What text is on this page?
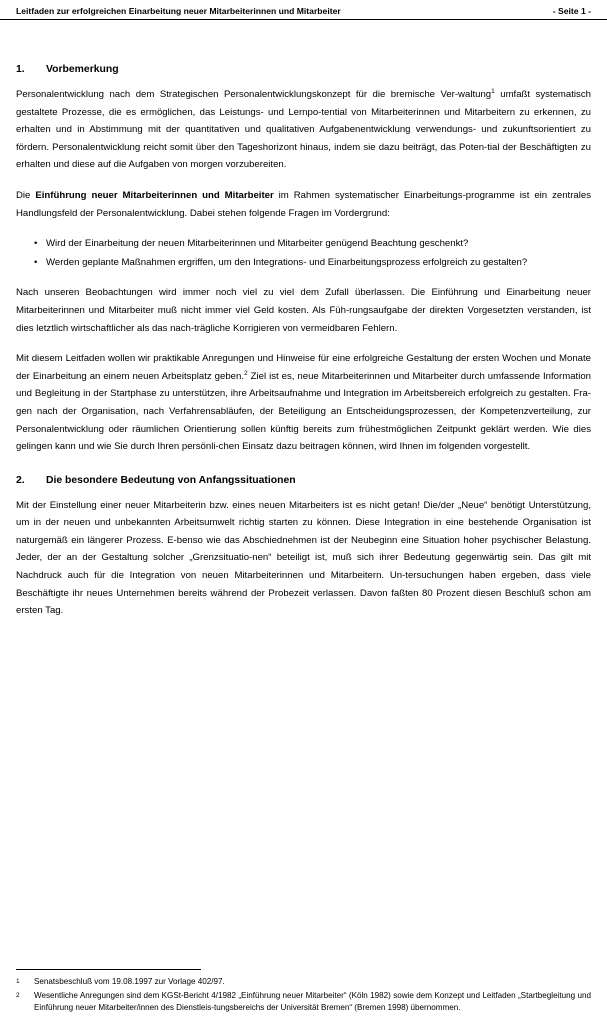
Leitfaden zur erfolgreichen Einarbeitung neuer Mitarbeiterinnen und Mitarbeiter	- Seite 1 -
1.	Vorbemerkung

Personalentwicklung nach dem Strategischen Personalentwicklungskonzept für die bremische Ver-waltung$^1$ umfaßt systematisch gestaltete Prozesse, die es ermöglichen, das Leistungs- und Lernpo-tential von Mitarbeiterinnen und Mitarbeitern zu erkennen, zu erhalten und in Abstimmung mit der quantitativen und qualitativen Aufgabenentwicklung verwendungs- und zukunftsorientiert zu fördern. Personalentwicklung reicht somit über den Tageshorizont hinaus, indem sie dazu beiträgt, das Poten-tial der Beschäftigten zu erhalten und diese auf die Aufgaben von morgen vorzubereiten.

Die Einführung neuer Mitarbeiterinnen und Mitarbeiter im Rahmen systematischer Einarbeitungs-programme ist ein zentrales Handlungsfeld der Personalentwicklung. Dabei stehen folgende Fragen im Vordergrund:

• Wird der Einarbeitung der neuen Mitarbeiterinnen und Mitarbeiter genügend Beachtung geschenkt?
• Werden geplante Maßnahmen ergriffen, um den Integrations- und Einarbeitungsprozess erfolgreich zu gestalten?

Nach unseren Beobachtungen wird immer noch viel zu viel dem Zufall überlassen. Die Einführung und Einarbeitung neuer Mitarbeiterinnen und Mitarbeiter muß nicht immer viel Geld kosten. Als Füh-rungsaufgabe der direkten Vorgesetzten verstanden, ist dies letztlich wirtschaftlicher als das nach-trägliche Korrigieren von vermeidbaren Fehlern.

Mit diesem Leitfaden wollen wir praktikable Anregungen und Hinweise für eine erfolgreiche Gestaltung der ersten Wochen und Monate der Einarbeitung an einem neuen Arbeitsplatz geben.$^2$ Ziel ist es, neue Mitarbeiterinnen und Mitarbeiter durch umfassende Information und Begleitung in der Startphase zu unterstützen, ihre Arbeitsaufnahme und Integration im Arbeitsbereich erfolgreich zu gestalten. Fra-gen nach der Organisation, nach Verfahrensabläufen, der Beteiligung an Entscheidungsprozessen, der Kompetenzverteilung, zur Personalentwicklung oder räumlichen Orientierung sollen künftig bereits zum frühestmöglichen Zeitpunkt geklärt werden. Wie dies gelingen kann und wie Sie durch Ihren persönli-chen Einsatz dazu beitragen können, wird Ihnen im folgenden vorgestellt.

2.	Die besondere Bedeutung von Anfangssituationen

Mit der Einstellung einer neuer Mitarbeiterin bzw. eines neuen Mitarbeiters ist es nicht getan! Die/der „Neue“ benötigt Unterstützung, um in der neuen und unbekannten Arbeitsumwelt richtig starten zu können. Diese Integration in eine bestehende Organisation ist naturgemäß ein längerer Prozess. E-benso wie das Abschiednehmen ist der Neubeginn eine Situation hoher psychischer Belastung. Jeder, der an der Gestaltung solcher „Grenzsituatio-nen“ beteiligt ist, muß sich ihrer Bedeutung gegenwärtig sein. Das gilt mit Nachdruck auch für die Integration von neuen Mitarbeiterinnen und Mitarbeitern. Un-tersuchungen haben ergeben, dass viele Beschäftigte ihr neues Unternehmen bereits während der Probezeit verlassen. Davon faßten 80 Prozent diesen Beschluß schon am ersten Tag.

1	Senatsbeschluß vom 19.08.1997 zur Vorlage 402/97.
2	Wesentliche Anregungen sind dem KGSt-Bericht 4/1982 „Einführung neuer Mitarbeiter“ (Köln 1982) sowie dem Konzept und Leitfaden „Startbegleitung und Einführung neuer Mitarbeiter/innen des Dienstleis-tungsbereichs der Universität Bremen“ (Bremen 1998) übernommen.
